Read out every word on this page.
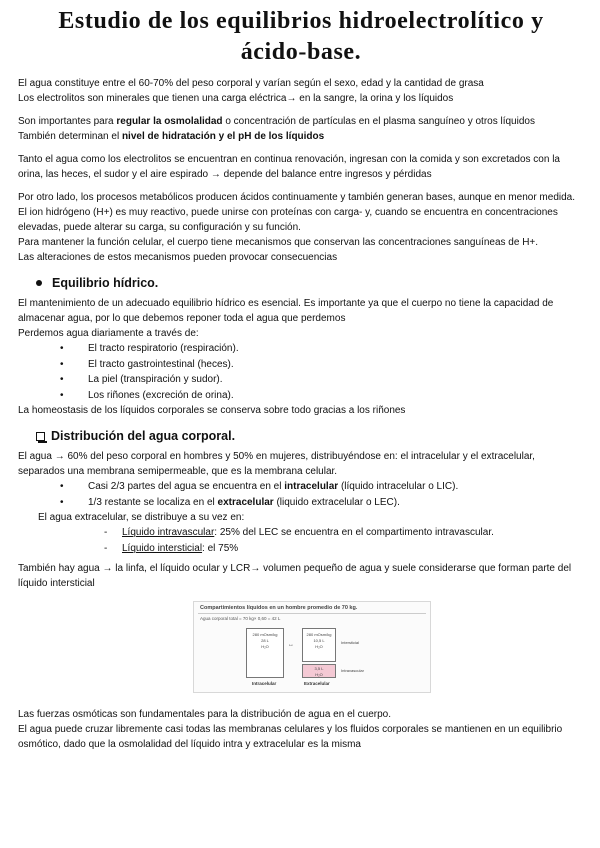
Estudio de los equilibrios hidroelectrolítico y
ácido-base.

El agua constituye entre el 60-70% del peso corporal y varían según el sexo, edad y la cantidad de grasa

Los electrolitos son minerales que tienen una carga eléctrica→ en la sangre, la orina y los líquidos

Son importantes para regular la osmolalidad o concentración de partículas en el plasma sanguíneo y otros líquidos

También determinan el nivel de hidratación y el pH de los líquidos

Tanto el agua como los electrolitos se encuentran en continua renovación, ingresan con la comida y son excretados con la orina, las heces, el sudor y el aire espirado → depende del balance entre ingresos y pérdidas

Por otro lado, los procesos metabólicos producen ácidos continuamente y también generan bases, aunque en menor medida.

El ion hidrógeno (H+) es muy reactivo, puede unirse con proteínas con carga- y, cuando se encuentra en concentraciones elevadas, puede alterar su carga, su configuración y su función.

Para mantener la función celular, el cuerpo tiene mecanismos que conservan las concentraciones sanguíneas de H+.

Las alteraciones de estos mecanismos pueden provocar consecuencias

Equilibrio hídrico.

El mantenimiento de un adecuado equilibrio hídrico es esencial. Es importante ya que el cuerpo no tiene la capacidad de almacenar agua, por lo que debemos reponer toda el agua que perdemos

Perdemos agua diariamente a través de:

• El tracto respiratorio (respiración).
• El tracto gastrointestinal (heces).
• La piel (transpiración y sudor).
• Los riñones (excreción de orina).

La homeostasis de los líquidos corporales se conserva sobre todo gracias a los riñones

Distribución del agua corporal.

El agua → 60% del peso corporal en hombres y 50% en mujeres, distribuyéndose en: el intracelular y el extracelular, separados una membrana semipermeable, que es la membrana celular.

• Casi 2/3 partes del agua se encuentra en el intracelular (líquido intracelular o LIC).
• 1/3 restante se localiza en el extracelular (liquido extracelular o LEC).

El agua extracelular, se distribuye a su vez en:

- Líquido intravascular: 25% del LEC se encuentra en el compartimento intravascular.
- Líquido intersticial: el 75%

También hay agua → la linfa, el líquido ocular y LCR→ volumen pequeño de agua y suele considerarse que forman parte del líquido intersticial

Compartimientos líquidos en un hombre promedio de 70 kg.
Agua corporal total = 70 kg× 0,60 = 42 L
280 mOsm/kg
28 L
H₂O	↔
280 mOsm/kg
10,5 L
H₂O
3,5 L
H₂O
Intersticial
Intravascular
Intracelular	Extracelular

Las fuerzas osmóticas son fundamentales para la distribución de agua en el cuerpo.

El agua puede cruzar libremente casi todas las membranas celulares y los fluidos corporales se mantienen en un equilibrio osmótico, dado que la osmolalidad del líquido intra y extracelular es la misma
